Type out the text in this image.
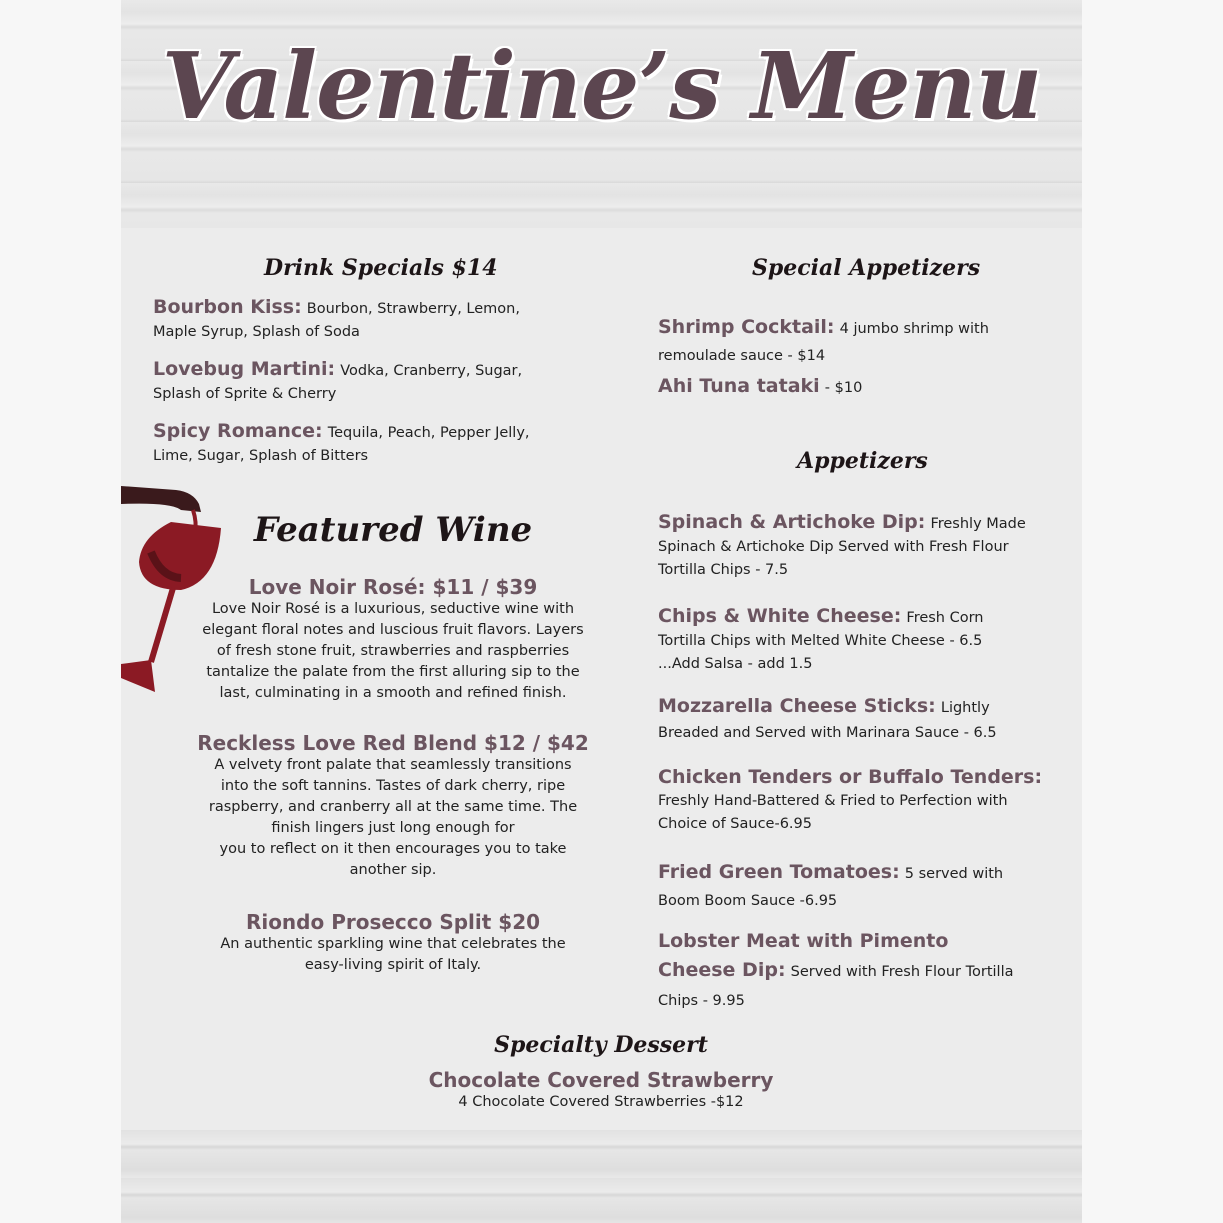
Valentine’s Menu
Drink Specials $14
Bourbon Kiss: Bourbon, Strawberry, Lemon,
Maple Syrup, Splash of Soda
Lovebug Martini: Vodka, Cranberry, Sugar,
Splash of Sprite & Cherry
Spicy Romance: Tequila, Peach, Pepper Jelly,
Lime, Sugar, Splash of Bitters
Special Appetizers
Shrimp Cocktail: 4 jumbo shrimp with
remoulade sauce - $14
Ahi Tuna tataki - $10
Featured Wine
Love Noir Rosé: $11 / $39
Love Noir Rosé is a luxurious, seductive wine with
elegant floral notes and luscious fruit flavors. Layers
of fresh stone fruit, strawberries and raspberries
tantalize the palate from the first alluring sip to the
last, culminating in a smooth and refined finish.
Reckless Love Red Blend $12 / $42
A velvety front palate that seamlessly transitions
into the soft tannins. Tastes of dark cherry, ripe
raspberry, and cranberry all at the same time. The
finish lingers just long enough for
you to reflect on it then encourages you to take
another sip.
Riondo Prosecco Split $20
An authentic sparkling wine that celebrates the
easy-living spirit of Italy.
Appetizers
Spinach & Artichoke Dip: Freshly Made
Spinach & Artichoke Dip Served with Fresh Flour
Tortilla Chips - 7.5
Chips & White Cheese: Fresh Corn
Tortilla Chips with Melted White Cheese - 6.5
...Add Salsa - add 1.5
Mozzarella Cheese Sticks: Lightly
Breaded and Served with Marinara Sauce - 6.5
Chicken Tenders or Buffalo Tenders:
Freshly Hand-Battered & Fried to Perfection with
Choice of Sauce-6.95
Fried Green Tomatoes: 5 served with
Boom Boom Sauce -6.95
Lobster Meat with Pimento
Cheese Dip: Served with Fresh Flour Tortilla
Chips - 9.95
Specialty Dessert
Chocolate Covered Strawberry
4 Chocolate Covered Strawberries -$12
